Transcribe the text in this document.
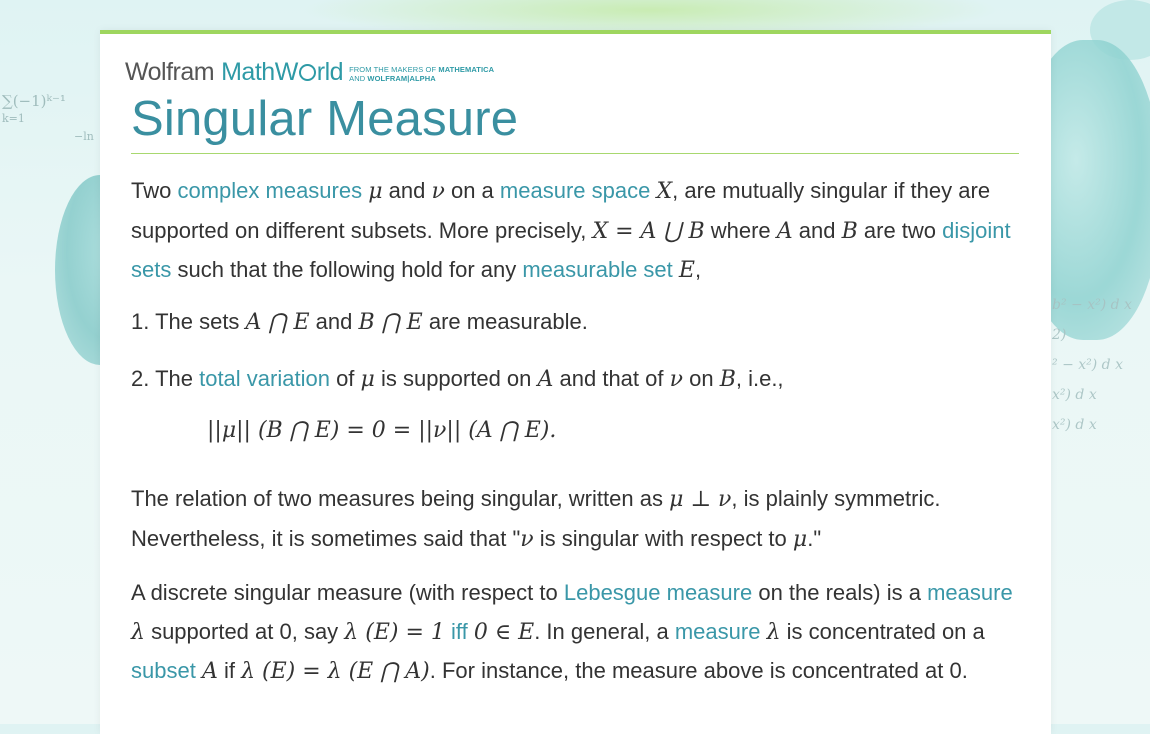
∑(−1)ᵏ⁻¹
k=1
−ln
b² − x²) d x
2)
² − x²) d x
x²) d x
x²) d x
Wolfram MathW rld FROM THE MAKERS OF MATHEMATICA
AND WOLFRAM|ALPHA
Singular Measure

Two complex measures μ and ν on a measure space X, are mutually singular if they are supported on different subsets. More precisely, X = A ⋃ B where A and B are two disjoint sets such that the following hold for any measurable set E,

1. The sets A ⋂ E and B ⋂ E are measurable.

2. The total variation of μ is supported on A and that of ν on B, i.e.,

||μ|| (B ⋂ E) = 0 = ||ν|| (A ⋂ E).

The relation of two measures being singular, written as μ ⊥ ν, is plainly symmetric. Nevertheless, it is sometimes said that "ν is singular with respect to μ."

A discrete singular measure (with respect to Lebesgue measure on the reals) is a measure λ supported at 0, say λ (E) = 1 iff 0 ∈ E. In general, a measure λ is concentrated on a subset A if λ (E) = λ (E ⋂ A). For instance, the measure above is concentrated at 0.
